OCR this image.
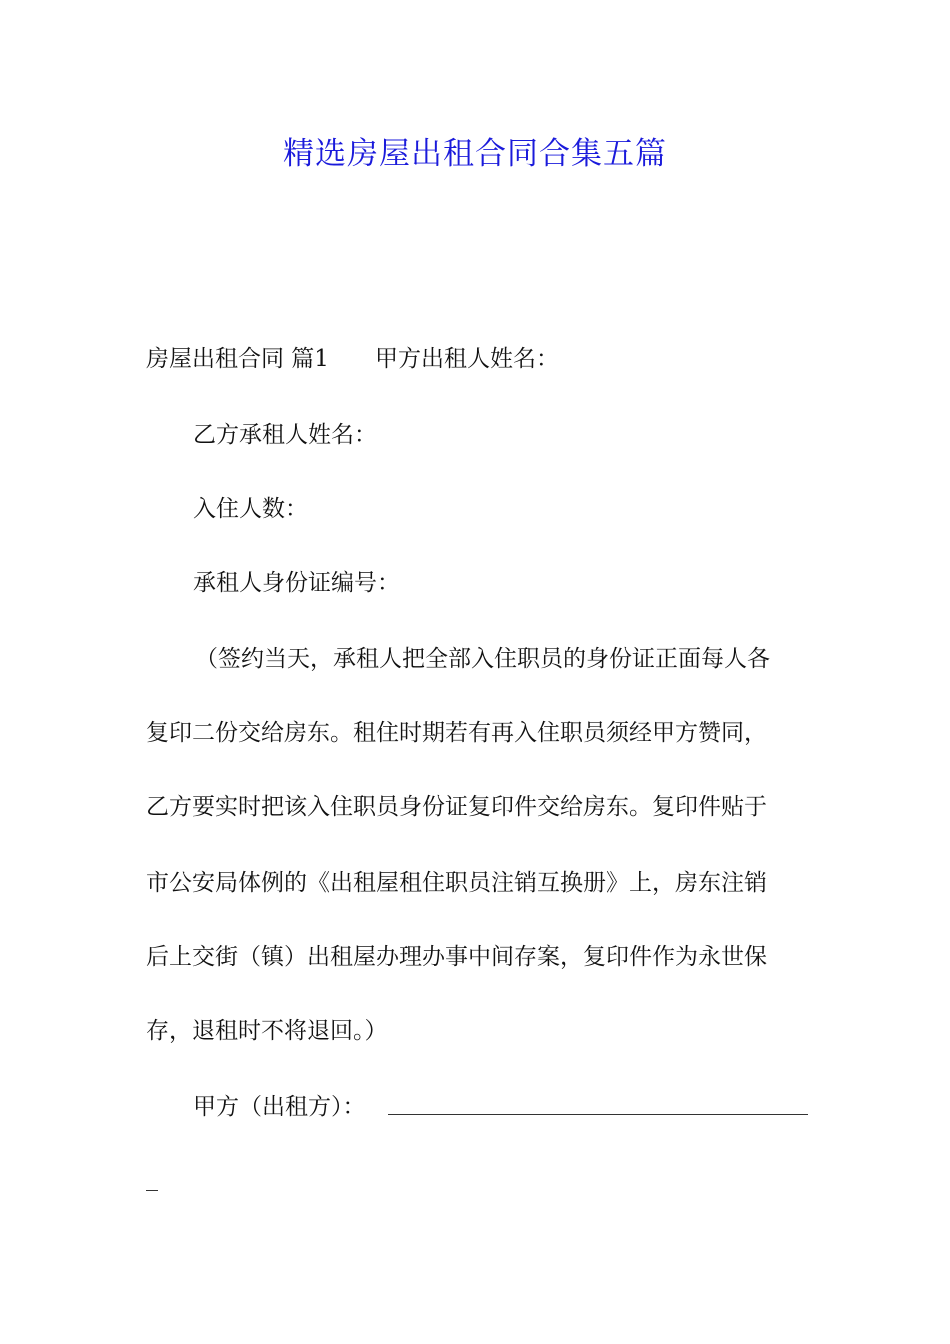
精选房屋出租合同合集五篇
房屋出租合同 篇1 甲方出租人姓名：
乙方承租人姓名：
入住人数：
承租人身份证编号：
（签约当天，承租人把全部入住职员的身份证正面每人各
复印二份交给房东。租住时期若有再入住职员须经甲方赞同，
乙方要实时把该入住职员身份证复印件交给房东。复印件贴于
市公安局体例的《出租屋租住职员注销互换册》上，房东注销
后上交街（镇）出租屋办理办事中间存案，复印件作为永世保
存，退租时不将退回。）
甲方（出租方）：
